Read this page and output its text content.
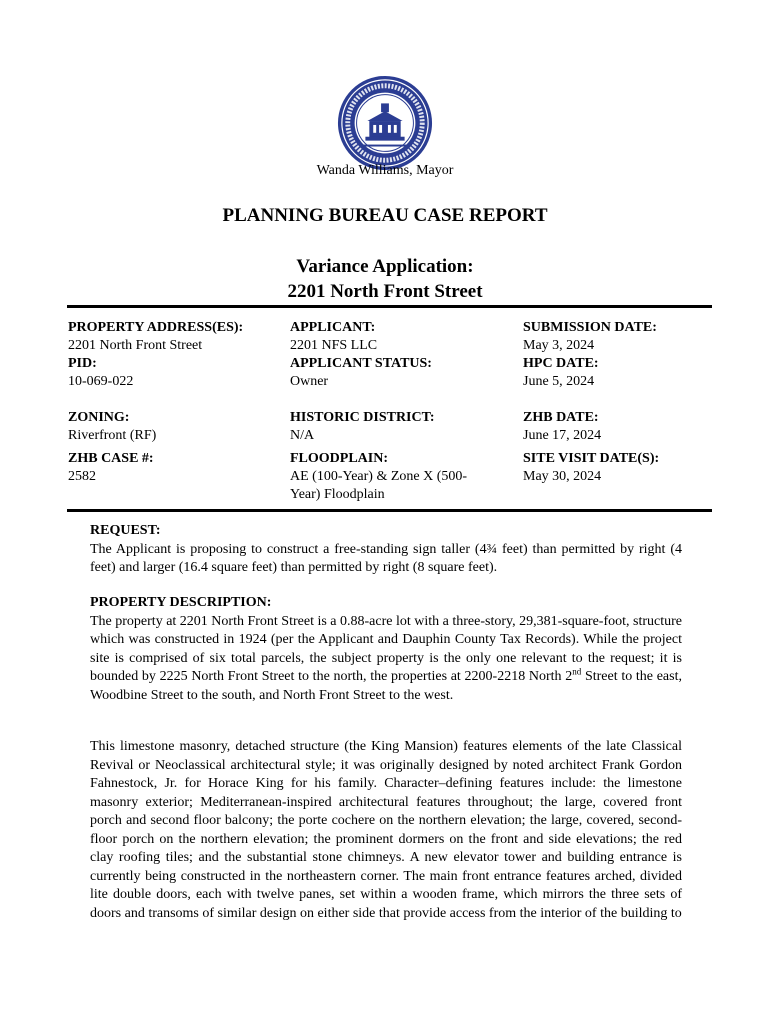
Wanda Williams, Mayor
PLANNING BUREAU CASE REPORT
Variance Application:
2201 North Front Street
PROPERTY ADDRESS(ES):
2201 North Front Street
PID:
10-069-022
ZONING:
Riverfront (RF)
ZHB CASE #:
2582
APPLICANT:
2201 NFS LLC
APPLICANT STATUS:
Owner
HISTORIC DISTRICT:
N/A
FLOODPLAIN:
AE (100-Year) & Zone X (500-
Year) Floodplain
SUBMISSION DATE:
May 3, 2024
HPC DATE:
June 5, 2024
ZHB DATE:
June 17, 2024
SITE VISIT DATE(S):
May 30, 2024
REQUEST:
The Applicant is proposing to construct a free-standing sign taller (4¾ feet) than permitted by right (4 feet) and larger (16.4 square feet) than permitted by right (8 square feet).
PROPERTY DESCRIPTION:
The property at 2201 North Front Street is a 0.88-acre lot with a three-story, 29,381-square-foot, structure which was constructed in 1924 (per the Applicant and Dauphin County Tax Records). While the project site is comprised of six total parcels, the subject property is the only one relevant to the request; it is bounded by 2225 North Front Street to the north, the properties at 2200-2218 North 2nd Street to the east, Woodbine Street to the south, and North Front Street to the west.
This limestone masonry, detached structure (the King Mansion) features elements of the late Classical Revival or Neoclassical architectural style; it was originally designed by noted architect Frank Gordon Fahnestock, Jr. for Horace King for his family. Character–defining features include: the limestone masonry exterior; Mediterranean-inspired architectural features throughout; the large, covered front porch and second floor balcony; the porte cochere on the northern elevation; the large, covered, second-floor porch on the northern elevation; the prominent dormers on the front and side elevations; the red clay roofing tiles; and the substantial stone chimneys. A new elevator tower and building entrance is currently being constructed in the northeastern corner. The main front entrance features arched, divided lite double doors, each with twelve panes, set within a wooden frame, which mirrors the three sets of doors and transoms of similar design on either side that provide access from the interior of the building to
